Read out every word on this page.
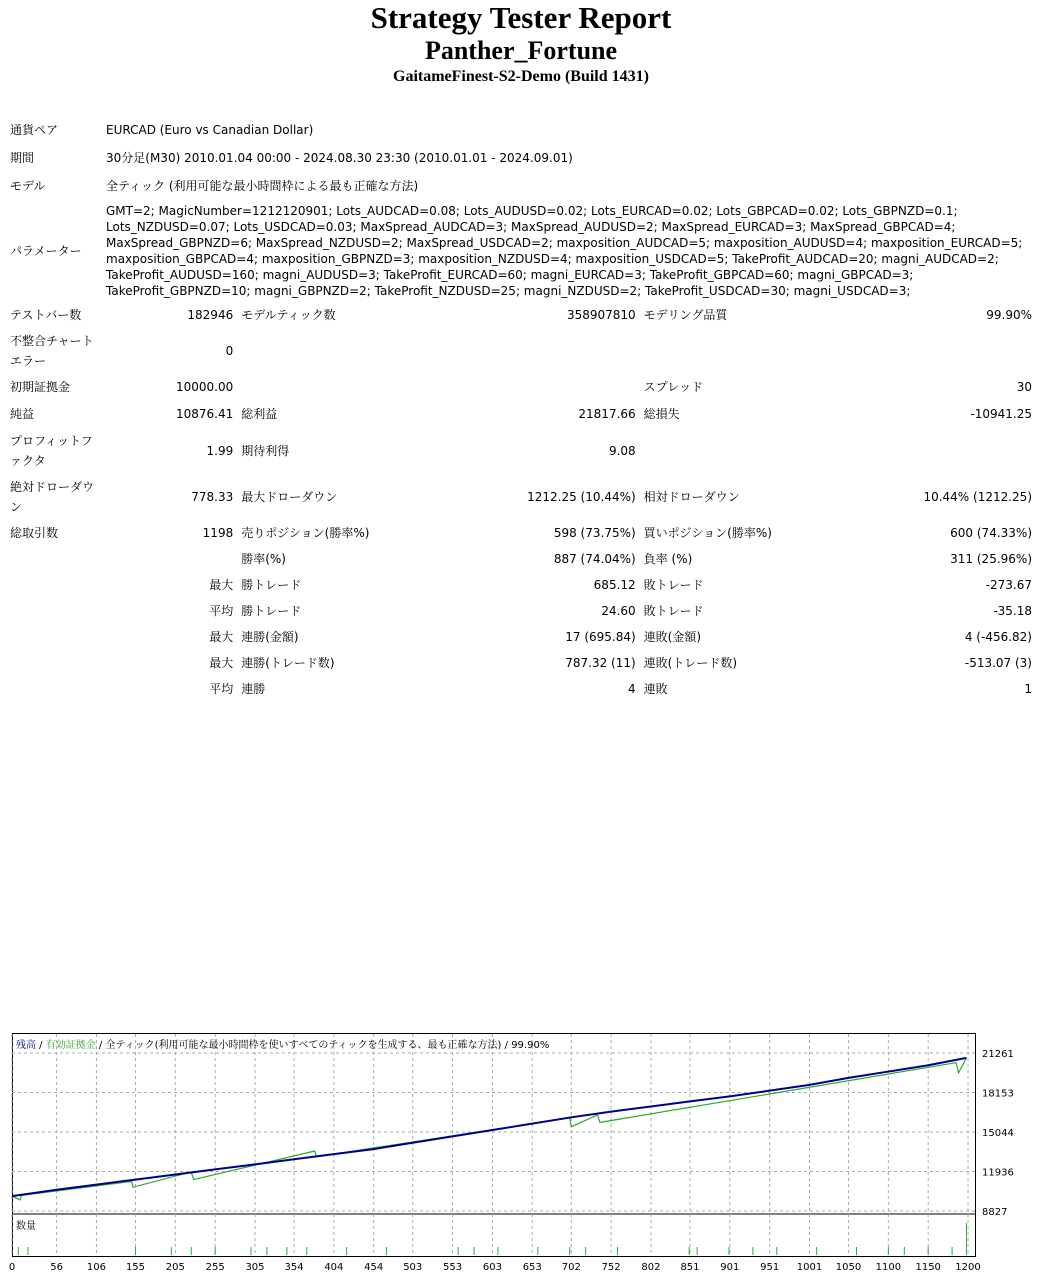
Strategy Tester Report
Panther_Fortune
GaitameFinest-S2-Demo (Build 1431)
通貨ペア	EURCAD (Euro vs Canadian Dollar)				
期間	30分足(M30) 2010.01.04 00:00 - 2024.08.30 23:30 (2010.01.01 - 2024.09.01)				
モデル	全ティック (利用可能な最小時間枠による最も正確な方法)				
パラメーター	GMT=2; MagicNumber=1212120901; Lots_AUDCAD=0.08; Lots_AUDUSD=0.02; Lots_EURCAD=0.02; Lots_GBPCAD=0.02; Lots_GBPNZD=0.1; Lots_NZDUSD=0.07; Lots_USDCAD=0.03; MaxSpread_AUDCAD=3; MaxSpread_AUDUSD=2; MaxSpread_EURCAD=3; MaxSpread_GBPCAD=4; MaxSpread_GBPNZD=6; MaxSpread_NZDUSD=2; MaxSpread_USDCAD=2; maxposition_AUDCAD=5; maxposition_AUDUSD=4; maxposition_EURCAD=5; maxposition_GBPCAD=4; maxposition_GBPNZD=3; maxposition_NZDUSD=4; maxposition_USDCAD=5; TakeProfit_AUDCAD=20; magni_AUDCAD=2; TakeProfit_AUDUSD=160; magni_AUDUSD=3; TakeProfit_EURCAD=60; magni_EURCAD=3; TakeProfit_GBPCAD=60; magni_GBPCAD=3; TakeProfit_GBPNZD=10; magni_GBPNZD=2; TakeProfit_NZDUSD=25; magni_NZDUSD=2; TakeProfit_USDCAD=30; magni_USDCAD=3;				
テストバー数	182946	モデルティック数	358907810	モデリング品質	99.90%
不整合チャートエラー	0				
初期証拠金	10000.00			スプレッド	30
純益	10876.41	総利益	21817.66	総損失	-10941.25
プロフィットファクタ	1.99	期待利得	9.08		
絶対ドローダウン	778.33	最大ドローダウン	1212.25 (10.44%)	相対ドローダウン	10.44% (1212.25)
総取引数	1198	売りポジション(勝率%)	598 (73.75%)	買いポジション(勝率%)	600 (74.33%)
		勝率(%)	887 (74.04%)	負率 (%)	311 (25.96%)
	最大	勝トレード	685.12	敗トレード	-273.67
	平均	勝トレード	24.60	敗トレード	-35.18
	最大	連勝(金額)	17 (695.84)	連敗(金額)	4 (-456.82)
	最大	連勝(トレード数)	787.32 (11)	連敗(トレード数)	-513.07 (3)
	平均	連勝	4	連敗	1
残高 / 有効証拠金 / 全ティック(利用可能な最小時間枠を使いすべてのティックを生成する、最も正確な方法) / 99.90%
数量
21261
18153
15044
11936
8827
0	56 106 155 205 255 305 354 404 454 503 553 603 653 702 752 802 851 901 951 1001 1050 1100 1150 1200
